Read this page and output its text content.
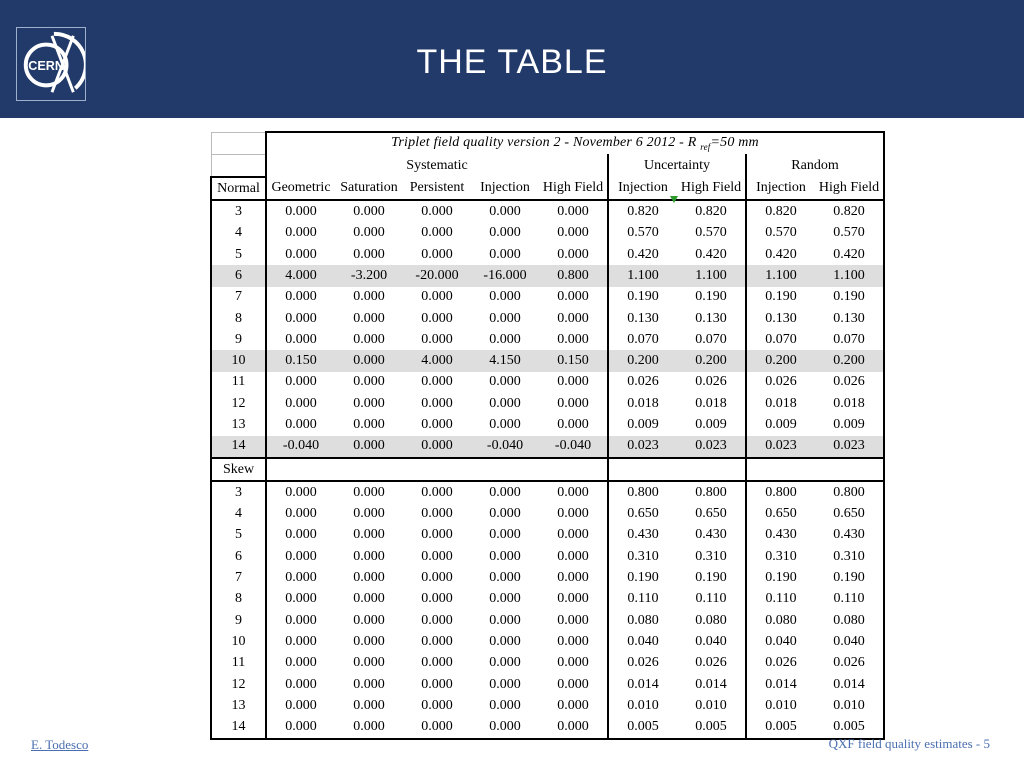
CERN	THE TABLE
	Triplet field quality version 2 - November 6 2012 - R $_{ref}$=50 mm								
	Systematic					Uncertainty		Random	
Normal	Geometric	Saturation	Persistent	Injection	High Field	Injection	High Field	Injection	High Field
3	0.000	0.000	0.000	0.000	0.000	0.820	0.820	0.820	0.820
4	0.000	0.000	0.000	0.000	0.000	0.570	0.570	0.570	0.570
5	0.000	0.000	0.000	0.000	0.000	0.420	0.420	0.420	0.420
6	4.000	-3.200	-20.000	-16.000	0.800	1.100	1.100	1.100	1.100
7	0.000	0.000	0.000	0.000	0.000	0.190	0.190	0.190	0.190
8	0.000	0.000	0.000	0.000	0.000	0.130	0.130	0.130	0.130
9	0.000	0.000	0.000	0.000	0.000	0.070	0.070	0.070	0.070
10	0.150	0.000	4.000	4.150	0.150	0.200	0.200	0.200	0.200
11	0.000	0.000	0.000	0.000	0.000	0.026	0.026	0.026	0.026
12	0.000	0.000	0.000	0.000	0.000	0.018	0.018	0.018	0.018
13	0.000	0.000	0.000	0.000	0.000	0.009	0.009	0.009	0.009
14	-0.040	0.000	0.000	-0.040	-0.040	0.023	0.023	0.023	0.023
Skew									
3	0.000	0.000	0.000	0.000	0.000	0.800	0.800	0.800	0.800
4	0.000	0.000	0.000	0.000	0.000	0.650	0.650	0.650	0.650
5	0.000	0.000	0.000	0.000	0.000	0.430	0.430	0.430	0.430
6	0.000	0.000	0.000	0.000	0.000	0.310	0.310	0.310	0.310
7	0.000	0.000	0.000	0.000	0.000	0.190	0.190	0.190	0.190
8	0.000	0.000	0.000	0.000	0.000	0.110	0.110	0.110	0.110
9	0.000	0.000	0.000	0.000	0.000	0.080	0.080	0.080	0.080
10	0.000	0.000	0.000	0.000	0.000	0.040	0.040	0.040	0.040
11	0.000	0.000	0.000	0.000	0.000	0.026	0.026	0.026	0.026
12	0.000	0.000	0.000	0.000	0.000	0.014	0.014	0.014	0.014
13	0.000	0.000	0.000	0.000	0.000	0.010	0.010	0.010	0.010
14	0.000	0.000	0.000	0.000	0.000	0.005	0.005	0.005	0.005
E. Todesco	QXF field quality estimates - 5
